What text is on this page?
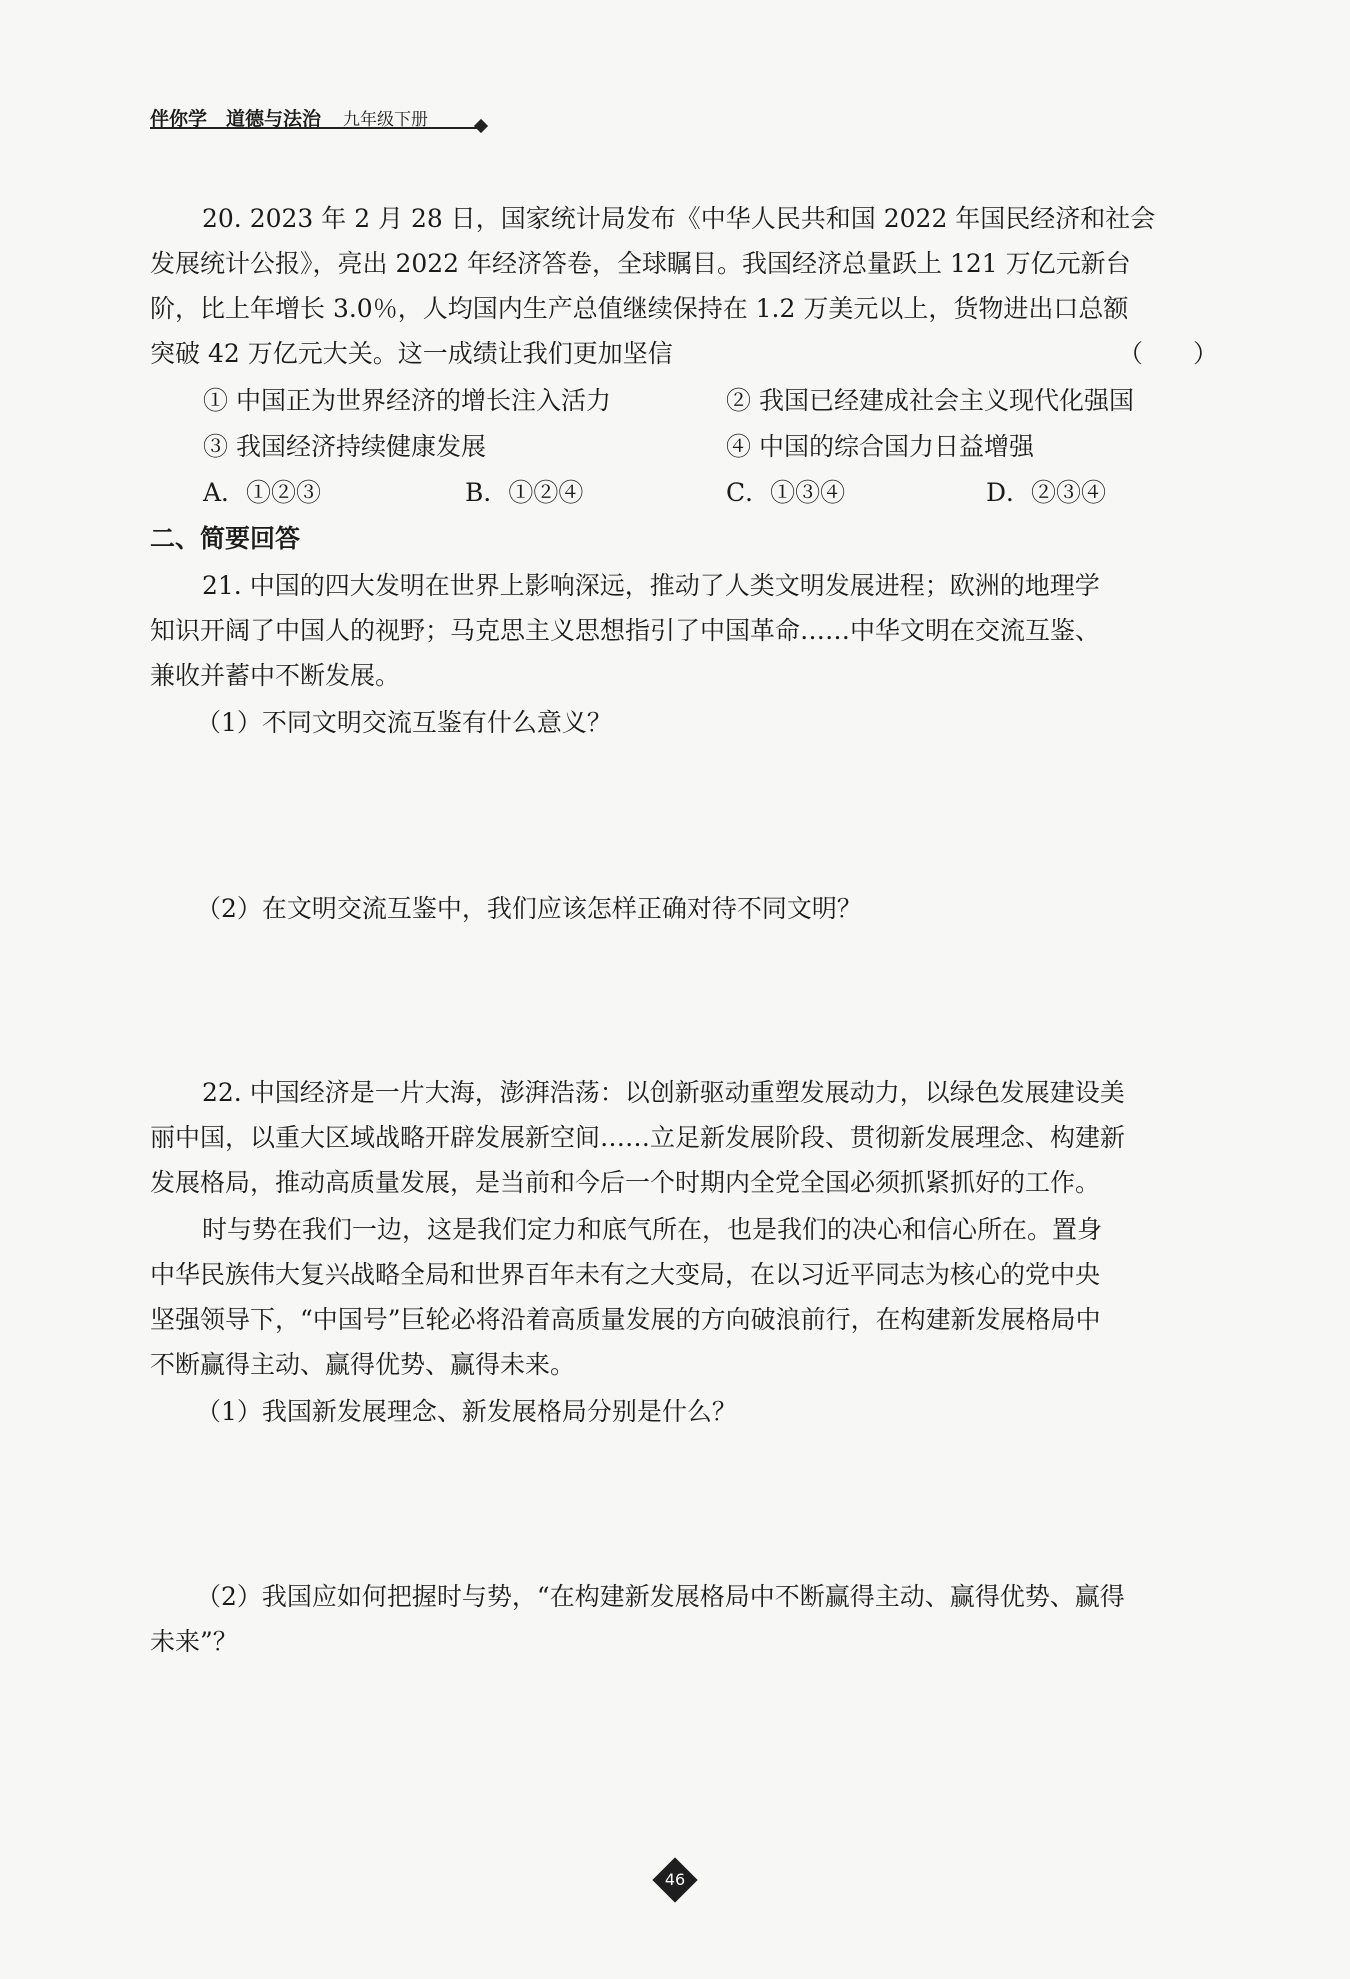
伴你学　道德与法治 九年级下册
20. 2023 年 2 月 28 日，国家统计局发布《中华人民共和国 2022 年国民经济和社会
发展统计公报》，亮出 2022 年经济答卷，全球瞩目。我国经济总量跃上 121 万亿元新台
阶，比上年增长 3.0％，人均国内生产总值继续保持在 1.2 万美元以上，货物进出口总额
突破 42 万亿元大关。这一成绩让我们更加坚信	（　　）
① 中国正为世界经济的增长注入活力	② 我国已经建成社会主义现代化强国
③ 我国经济持续健康发展	④ 中国的综合国力日益增强
A．①②③	B．①②④	C．①③④	D．②③④
二、简要回答
21. 中国的四大发明在世界上影响深远，推动了人类文明发展进程；欧洲的地理学
知识开阔了中国人的视野；马克思主义思想指引了中国革命……中华文明在交流互鉴、
兼收并蓄中不断发展。
（1）不同文明交流互鉴有什么意义？
（2）在文明交流互鉴中，我们应该怎样正确对待不同文明？
22. 中国经济是一片大海，澎湃浩荡：以创新驱动重塑发展动力，以绿色发展建设美
丽中国，以重大区域战略开辟发展新空间……立足新发展阶段、贯彻新发展理念、构建新
发展格局，推动高质量发展，是当前和今后一个时期内全党全国必须抓紧抓好的工作。
时与势在我们一边，这是我们定力和底气所在，也是我们的决心和信心所在。置身
中华民族伟大复兴战略全局和世界百年未有之大变局，在以习近平同志为核心的党中央
坚强领导下，“中国号”巨轮必将沿着高质量发展的方向破浪前行，在构建新发展格局中
不断赢得主动、赢得优势、赢得未来。
（1）我国新发展理念、新发展格局分别是什么？
（2）我国应如何把握时与势，“在构建新发展格局中不断赢得主动、赢得优势、赢得
未来”？
46
